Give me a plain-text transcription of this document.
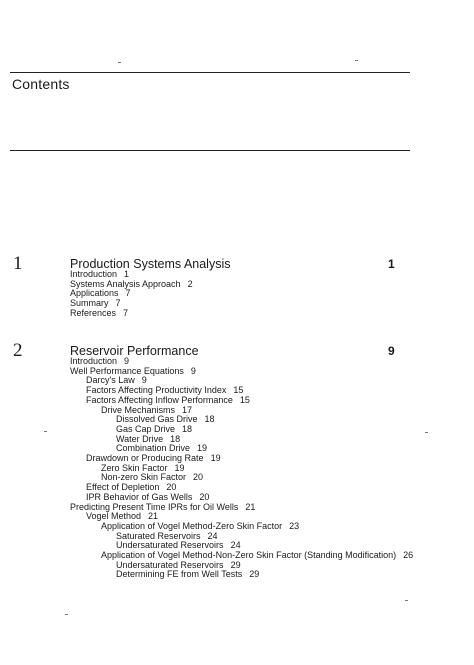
Contents
1	Production Systems Analysis	1
Introduction 1
Systems Analysis Approach 2
Applications 7
Summary 7
References 7
2	Reservoir Performance	9
Introduction 9
Well Performance Equations 9
Darcy's Law 9
Factors Affecting Productivity Index 15
Factors Affecting Inflow Performance 15
Drive Mechanisms 17
Dissolved Gas Drive 18
Gas Cap Drive 18
Water Drive 18
Combination Drive 19
Drawdown or Producing Rate 19
Zero Skin Factor 19
Non-zero Skin Factor 20
Effect of Depletion 20
IPR Behavior of Gas Wells 20
Predicting Present Time IPRs for Oil Wells 21
Vogel Method 21
Application of Vogel Method-Zero Skin Factor 23
Saturated Reservoirs 24
Undersaturated Reservoirs 24
Application of Vogel Method-Non-Zero Skin Factor (Standing Modification) 26
Undersaturated Reservoirs 29
Determining FE from Well Tests 29
